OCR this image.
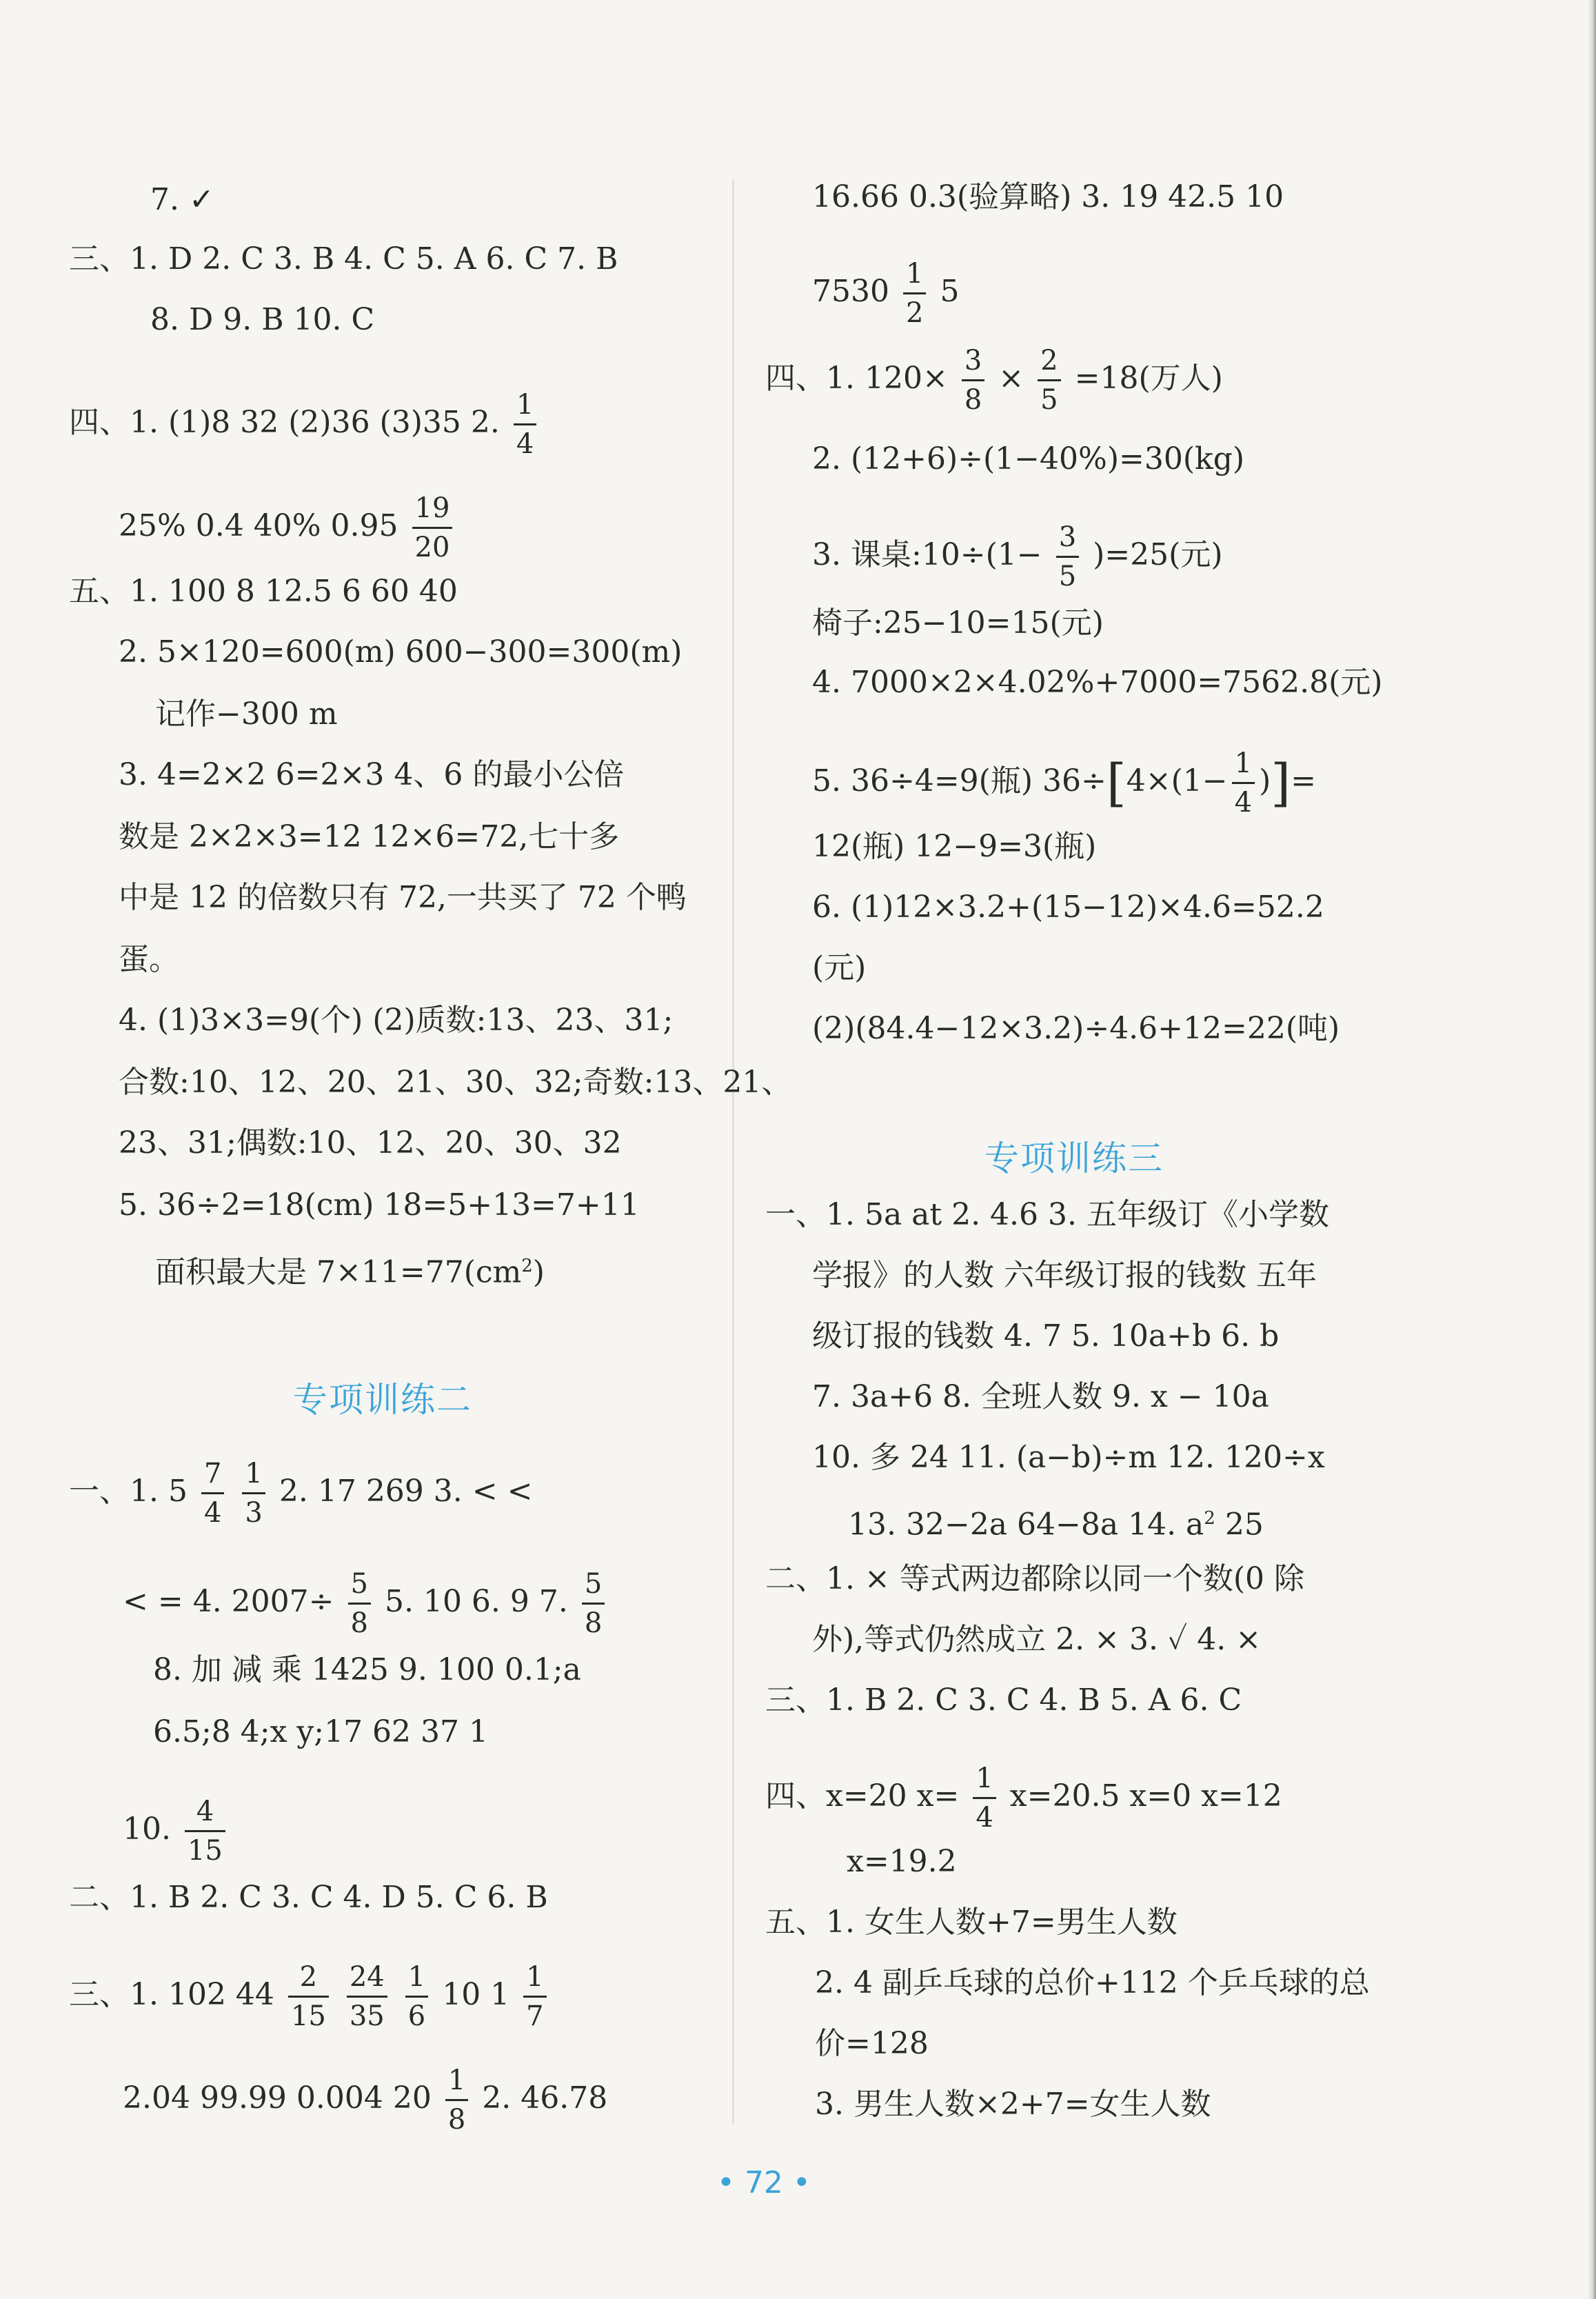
7. ✓
三、1. D 2. C 3. B 4. C 5. A 6. C 7. B
8. D 9. B 10. C
四、1. (1)8 32 (2)36 (3)35 2. $\frac{1}{4}$
25% 0.4 40% $0.95 \frac{19}{20}$
五、1. 100 8 12.5 6 60 40
2. 5×120=600(m) 600−300=300(m)
记作−300 m
3. 4=2×2 6=2×3 4、6 的最小公倍
数是 2×2×3=12 12×6=72,七十多
中是 12 的倍数只有 72,一共买了 72 个鸭
蛋。
4. (1)3×3=9(个) (2)质数:13、23、31;
合数:10、12、20、21、30、32;奇数:13、21、
23、31;偶数:10、12、20、30、32
5. 36÷2=18(cm) 18=5+13=7+11
面积最大是 $7\times 11=77(cm^2)$
专项训练二
一、1. $5 \frac{7}{4}$
$\frac{1}{3} 2$. 17 269 3. < <
< = 4. $2007\div \frac{5}{8} 5$. 10 6. 9 7. $\frac{5}{8}$
8. 加 减 乘 1425 9. 100 0.1;a
6.5;8 4;x y;17 62 37 1
10. $\frac{4}{15}$
二、1. B 2. C 3. C 4. D 5. C 6. B
三、1. 102 $44 \frac{2}{15}$
$\frac{24}{35}$
$\frac{1}{6} 10$ $1 \frac{1}{7}$
2.04 99.99 0.004 $20 \frac{1}{8} 2$. 46.78
16.66 0.3(验算略) 3. 19 42.5 10
$7530 \frac{1}{2} 5$
四、1. $120\times \frac{3}{8} \times \frac{2}{5} =18$(万人)
2. (12+6)÷(1−40%)=30(kg)
3. 课桌:10÷(1− $\frac{3}{5} )=25$(元)
椅子:25−10=15(元)
4. 7000×2×4.02%+7000=7562.8(元)
5. 36÷4=9(瓶) $36\div[4\times(1- \frac{1}{4}$ )]=
12(瓶) 12−9=3(瓶)
6. (1)12×3.2+(15−12)×4.6=52.2
(元)
(2)(84.4−12×3.2)÷4.6+12=22(吨)
专项训练三
一、1. 5a at 2. 4.6 3. 五年级订《小学数
学报》的人数 六年级订报的钱数 五年
级订报的钱数 4. 7 5. 10a+b 6. b
7. 3a+6 8. 全班人数 9. x − 10a
10. 多 24 11. (a−b)÷m 12. 120÷x
13. 32−2a 64−8a 14. $a^2$ 25
二、1. × 等式两边都除以同一个数(0 除
外),等式仍然成立 2. × 3. ✓ 4. ×
三、1. B 2. C 3. C 4. B 5. A 6. C
四、x=20 $x= \frac{1}{4} x=20.5$ x=0 x=12
x=19.2
五、1. 女生人数+7=男生人数
2. 4 副乒乓球的总价+112 个乒乓球的总
价=128
3. 男生人数×2+7=女生人数
• 72 •
